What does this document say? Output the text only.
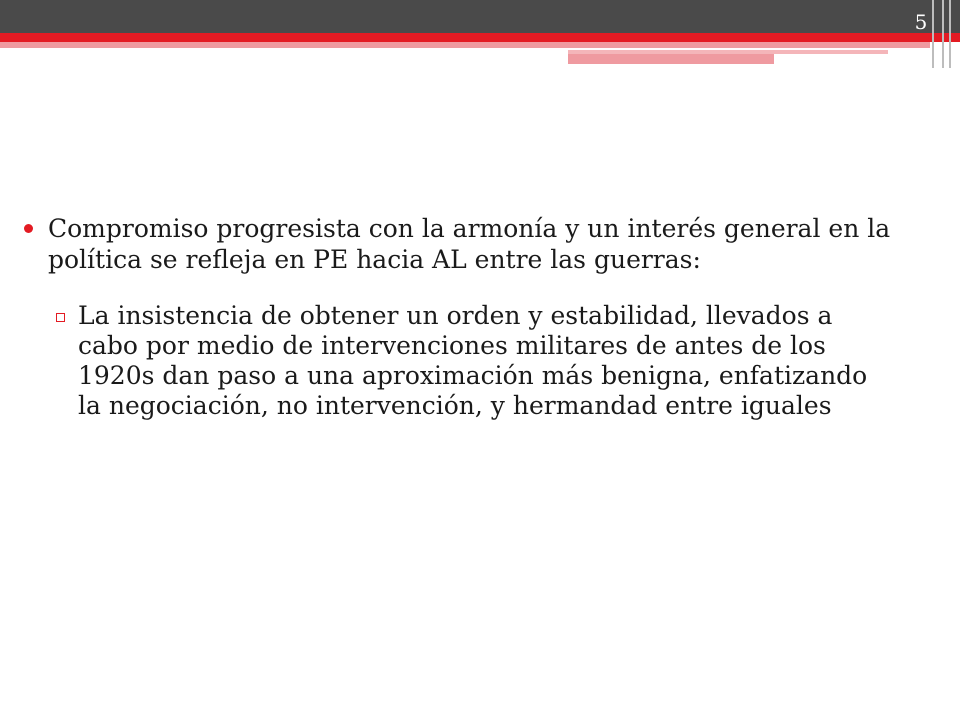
5
Compromiso progresista con la armonía y un interés general en la política se refleja en PE hacia AL entre las guerras:
La insistencia de obtener un orden y estabilidad, llevados a cabo por medio de intervenciones militares de antes de los 1920s dan paso a una aproximación más benigna, enfatizando la negociación, no intervención, y hermandad entre iguales
